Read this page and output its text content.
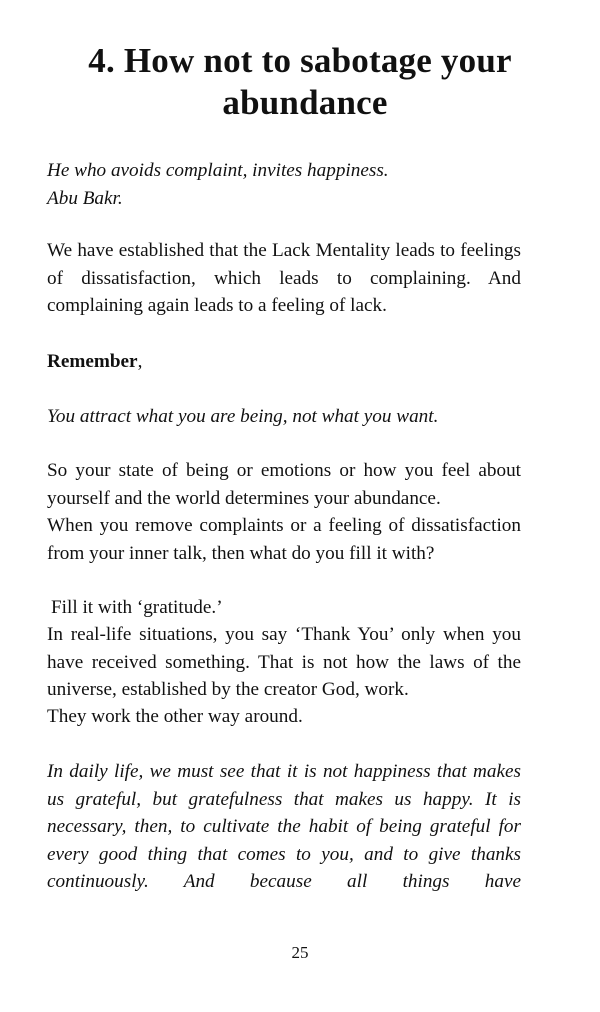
4. How not to sabotage your
abundance
He who avoids complaint, invites happiness.
Abu Bakr.

We have established that the Lack Mentality leads to feelings of dissatisfaction, which leads to complaining. And complaining again leads to a feeling of lack.

Remember,

You attract what you are being, not what you want.

So your state of being or emotions or how you feel about yourself and the world determines your abundance.

When you remove complaints or a feeling of dissatisfaction from your inner talk, then what do you fill it with?

Fill it with ‘gratitude.’

In real-life situations, you say ‘Thank You’ only when you have received something. That is not how the laws of the universe, established by the creator God, work.

They work the other way around.

In daily life, we must see that it is not happiness that makes us grateful, but gratefulness that makes us happy. It is necessary, then, to cultivate the habit of being grateful for every good thing that comes to you, and to give thanks continuously. And because all things have

25
